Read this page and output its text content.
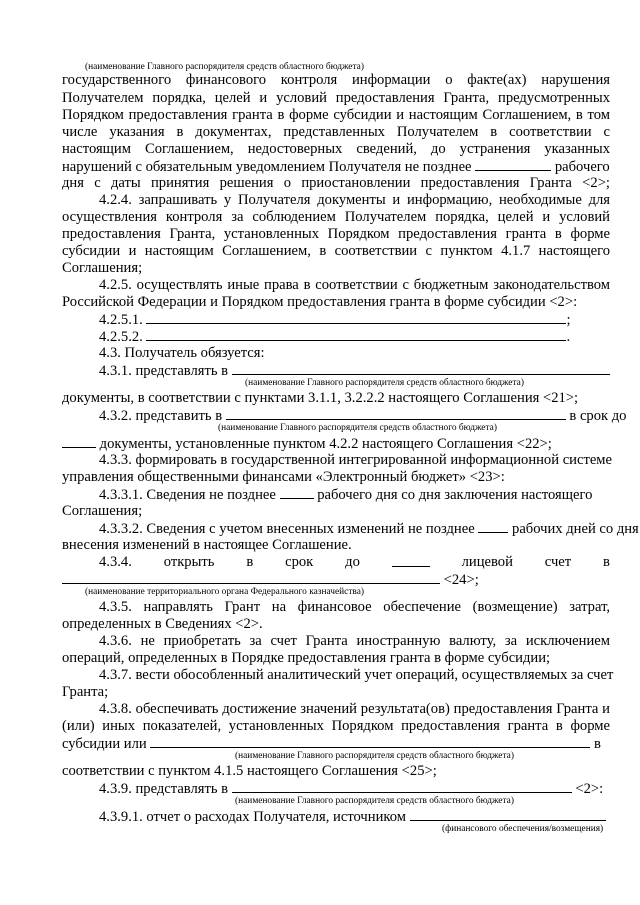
(наименование Главного распорядителя средств областного бюджета)
государственного финансового контроля информации о факте(ах) нарушения
Получателем порядка, целей и условий предоставления Гранта, предусмотренных
Порядком предоставления гранта в форме субсидии и настоящим Соглашением, в том
числе указания в документах, представленных Получателем в соответствии с
настоящим Соглашением, недостоверных сведений, до устранения указанных
нарушений с обязательным уведомлением Получателя не позднее	рабочего
дня с даты принятия решения о приостановлении предоставления Гранта <2>;
4.2.4. запрашивать у Получателя документы и информацию, необходимые для
осуществления контроля за соблюдением Получателем порядка, целей и условий
предоставления Гранта, установленных Порядком предоставления гранта в форме
субсидии и настоящим Соглашением, в соответствии с пунктом 4.1.7 настоящего
Соглашения;
4.2.5. осуществлять иные права в соответствии с бюджетным законодательством
Российской Федерации и Порядком предоставления гранта в форме субсидии <2>:
4.2.5.1.	;
4.2.5.2.	.
4.3. Получатель обязуется:
4.3.1. представлять в
(наименование Главного распорядителя средств областного бюджета)
документы, в соответствии с пунктами 3.1.1, 3.2.2.2 настоящего Соглашения <21>;
4.3.2. представить в	в срок до
(наименование Главного распорядителя средств областного бюджета)
документы, установленные пунктом 4.2.2 настоящего Соглашения <22>;
4.3.3. формировать в государственной интегрированной информационной системе
управления общественными финансами «Электронный бюджет» <23>:
4.3.3.1. Сведения не позднее	рабочего дня со дня заключения настоящего
Соглашения;
4.3.3.2. Сведения с учетом внесенных изменений не позднее	рабочих дней со дня
внесения изменений в настоящее Соглашение.
4.3.4. открыть в срок до	лицевой счет в
<24>;
(наименование территориального органа Федерального казначейства)
4.3.5. направлять Грант на финансовое обеспечение (возмещение) затрат,
определенных в Сведениях <2>.
4.3.6. не приобретать за счет Гранта иностранную валюту, за исключением
операций, определенных в Порядке предоставления гранта в форме субсидии;
4.3.7. вести обособленный аналитический учет операций, осуществляемых за счет
Гранта;
4.3.8. обеспечивать достижение значений результата(ов) предоставления Гранта и
(или) иных показателей, установленных Порядком предоставления гранта в форме
субсидии или	в
(наименование Главного распорядителя средств областного бюджета)
соответствии с пунктом 4.1.5 настоящего Соглашения <25>;
4.3.9. представлять в	<2>:
(наименование Главного распорядителя средств областного бюджета)
4.3.9.1. отчет о расходах Получателя, источником
(финансового обеспечения/возмещения)
